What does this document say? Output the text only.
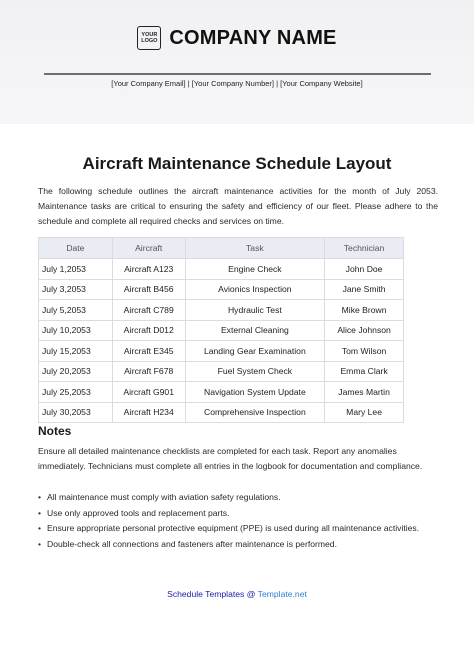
YOUR LOGO COMPANY NAME
[Your Company Email] | [Your Company Number] | [Your Company Website]
Aircraft Maintenance Schedule Layout
The following schedule outlines the aircraft maintenance activities for the month of July 2053. Maintenance tasks are critical to ensuring the safety and efficiency of our fleet. Please adhere to the schedule and complete all required checks and services on time.
Date	Aircraft	Task	Technician
July 1,2053	Aircraft A123	Engine Check	John Doe
July 3,2053	Aircraft B456	Avionics Inspection	Jane Smith
July 5,2053	Aircraft C789	Hydraulic Test	Mike Brown
July 10,2053	Aircraft D012	External Cleaning	Alice Johnson
July 15,2053	Aircraft E345	Landing Gear Examination	Tom Wilson
July 20,2053	Aircraft F678	Fuel System Check	Emma Clark
July 25,2053	Aircraft G901	Navigation System Update	James Martin
July 30,2053	Aircraft H234	Comprehensive Inspection	Mary Lee
Notes
Ensure all detailed maintenance checklists are completed for each task. Report any anomalies immediately. Technicians must complete all entries in the logbook for documentation and compliance.
• All maintenance must comply with aviation safety regulations.
• Use only approved tools and replacement parts.
• Ensure appropriate personal protective equipment (PPE) is used during all maintenance activities.
• Double-check all connections and fasteners after maintenance is performed.
Schedule Templates @ Template.net
